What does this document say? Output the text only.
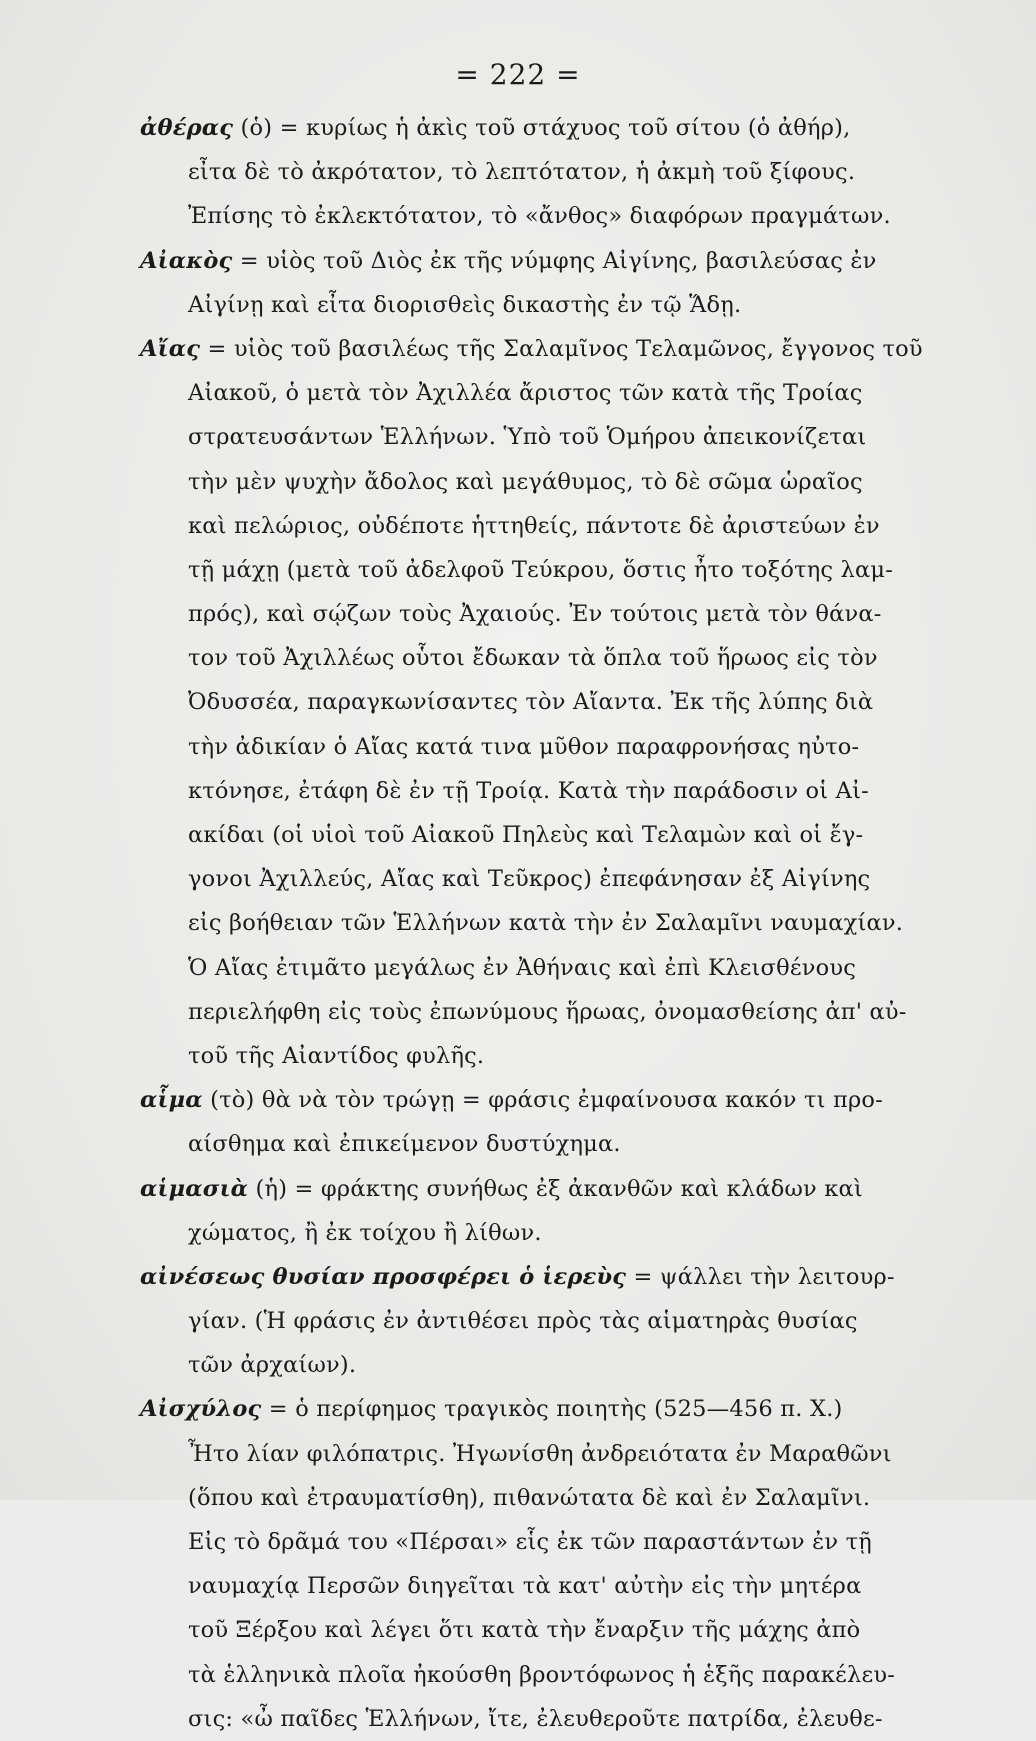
= 222 =
ἀθέρας (ὁ) = κυρίως ἡ ἀκὶς τοῦ στάχυος τοῦ σίτου (ὁ ἀθήρ),
εἶτα δὲ τὸ ἀκρότατον, τὸ λεπτότατον, ἡ ἀκμὴ τοῦ ξίφους.
Ἐπίσης τὸ ἐκλεκτότατον, τὸ «ἄνθος» διαφόρων πραγμάτων.
Αἰακὸς = υἱὸς τοῦ Διὸς ἐκ τῆς νύμφης Αἰγίνης, βασιλεύσας ἐν
Αἰγίνῃ καὶ εἶτα διορισθεὶς δικαστὴς ἐν τῷ Ἅδῃ.
Αἴας = υἱὸς τοῦ βασιλέως τῆς Σαλαμῖνος Τελαμῶνος, ἔγγονος τοῦ
Αἰακοῦ, ὁ μετὰ τὸν Ἀχιλλέα ἄριστος τῶν κατὰ τῆς Τροίας
στρατευσάντων Ἑλλήνων. Ὑπὸ τοῦ Ὁμήρου ἀπεικονίζεται
τὴν μὲν ψυχὴν ἄδολος καὶ μεγάθυμος, τὸ δὲ σῶμα ὡραῖος
καὶ πελώριος, οὐδέποτε ἡττηθείς, πάντοτε δὲ ἀριστεύων ἐν
τῇ μάχῃ (μετὰ τοῦ ἀδελφοῦ Τεύκρου, ὅστις ἦτο τοξότης λαμ-
πρός), καὶ σῴζων τοὺς Ἀχαιούς. Ἐν τούτοις μετὰ τὸν θάνα-
τον τοῦ Ἀχιλλέως οὗτοι ἔδωκαν τὰ ὅπλα τοῦ ἥρωος εἰς τὸν
Ὀδυσσέα, παραγκωνίσαντες τὸν Αἴαντα. Ἐκ τῆς λύπης διὰ
τὴν ἀδικίαν ὁ Αἴας κατά τινα μῦθον παραφρονήσας ηὐτο-
κτόνησε, ἐτάφη δὲ ἐν τῇ Τροίᾳ. Κατὰ τὴν παράδοσιν οἱ Αἰ-
ακίδαι (οἱ υἱοὶ τοῦ Αἰακοῦ Πηλεὺς καὶ Τελαμὼν καὶ οἱ ἔγ-
γονοι Ἀχιλλεύς, Αἴας καὶ Τεῦκρος) ἐπεφάνησαν ἐξ Αἰγίνης
εἰς βοήθειαν τῶν Ἑλλήνων κατὰ τὴν ἐν Σαλαμῖνι ναυμαχίαν.
Ὁ Αἴας ἐτιμᾶτο μεγάλως ἐν Ἀθήναις καὶ ἐπὶ Κλεισθένους
περιελήφθη εἰς τοὺς ἐπωνύμους ἥρωας, ὀνομασθείσης ἀπ' αὐ-
τοῦ τῆς Αἰαντίδος φυλῆς.
αἷμα (τὸ) θὰ νὰ τὸν τρώγῃ = φράσις ἐμφαίνουσα κακόν τι προ-
αίσθημα καὶ ἐπικείμενον δυστύχημα.
αἱμασιὰ (ἡ) = φράκτης συνήθως ἐξ ἀκανθῶν καὶ κλάδων καὶ
χώματος, ἢ ἐκ τοίχου ἢ λίθων.
αἰνέσεως θυσίαν προσφέρει ὁ ἱερεὺς = ψάλλει τὴν λειτουρ-
γίαν. (Ἡ φράσις ἐν ἀντιθέσει πρὸς τὰς αἱματηρὰς θυσίας
τῶν ἀρχαίων).
Αἰσχύλος = ὁ περίφημος τραγικὸς ποιητὴς (525—456 π. Χ.)
Ἦτο λίαν φιλόπατρις. Ἠγωνίσθη ἀνδρειότατα ἐν Μαραθῶνι
(ὅπου καὶ ἐτραυματίσθη), πιθανώτατα δὲ καὶ ἐν Σαλαμῖνι.
Εἰς τὸ δρᾶμά του «Πέρσαι» εἷς ἐκ τῶν παραστάντων ἐν τῇ
ναυμαχίᾳ Περσῶν διηγεῖται τὰ κατ' αὐτὴν εἰς τὴν μητέρα
τοῦ Ξέρξου καὶ λέγει ὅτι κατὰ τὴν ἔναρξιν τῆς μάχης ἀπὸ
τὰ ἑλληνικὰ πλοῖα ἠκούσθη βροντόφωνος ἡ ἑξῆς παρακέλευ-
σις: «ὦ παῖδες Ἑλλήνων, ἴτε, ἐλευθεροῦτε πατρίδα, ἐλευθε-
